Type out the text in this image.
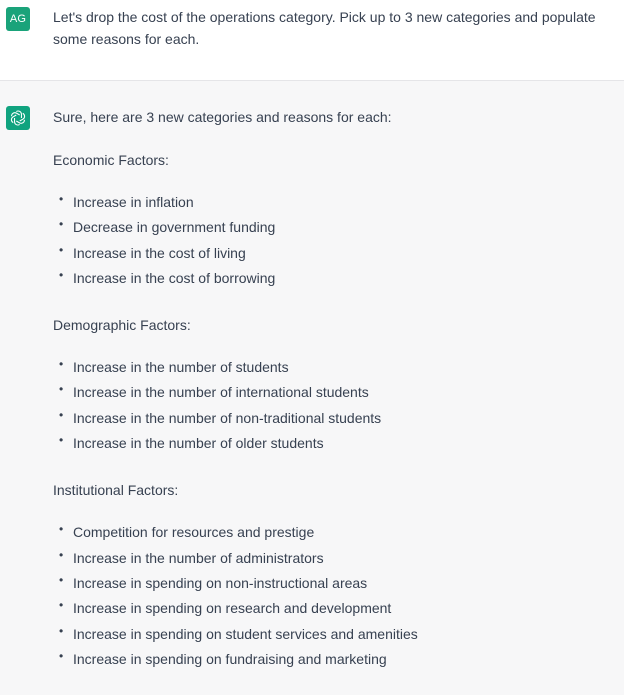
AG Let's drop the cost of the operations category. Pick up to 3 new categories and populate some reasons for each.

Sure, here are 3 new categories and reasons for each:

Economic Factors:

• Increase in inflation
• Decrease in government funding
• Increase in the cost of living
• Increase in the cost of borrowing

Demographic Factors:

• Increase in the number of students
• Increase in the number of international students
• Increase in the number of non-traditional students
• Increase in the number of older students

Institutional Factors:

• Competition for resources and prestige
• Increase in the number of administrators
• Increase in spending on non-instructional areas
• Increase in spending on research and development
• Increase in spending on student services and amenities
• Increase in spending on fundraising and marketing
